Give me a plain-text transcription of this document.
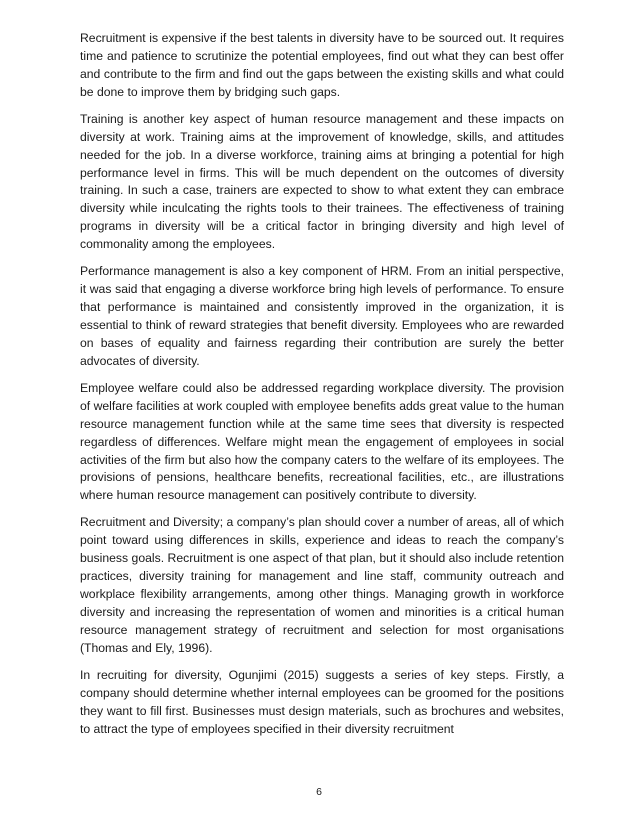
Recruitment is expensive if the best talents in diversity have to be sourced out. It requires time and patience to scrutinize the potential employees, find out what they can best offer and contribute to the firm and find out the gaps between the existing skills and what could be done to improve them by bridging such gaps.

Training is another key aspect of human resource management and these impacts on diversity at work. Training aims at the improvement of knowledge, skills, and attitudes needed for the job. In a diverse workforce, training aims at bringing a potential for high performance level in firms. This will be much dependent on the outcomes of diversity training. In such a case, trainers are expected to show to what extent they can embrace diversity while inculcating the rights tools to their trainees. The effectiveness of training programs in diversity will be a critical factor in bringing diversity and high level of commonality among the employees.

Performance management is also a key component of HRM. From an initial perspective, it was said that engaging a diverse workforce bring high levels of performance. To ensure that performance is maintained and consistently improved in the organization, it is essential to think of reward strategies that benefit diversity. Employees who are rewarded on bases of equality and fairness regarding their contribution are surely the better advocates of diversity.

Employee welfare could also be addressed regarding workplace diversity. The provision of welfare facilities at work coupled with employee benefits adds great value to the human resource management function while at the same time sees that diversity is respected regardless of differences. Welfare might mean the engagement of employees in social activities of the firm but also how the company caters to the welfare of its employees. The provisions of pensions, healthcare benefits, recreational facilities, etc., are illustrations where human resource management can positively contribute to diversity.

Recruitment and Diversity; a company’s plan should cover a number of areas, all of which point toward using differences in skills, experience and ideas to reach the company’s business goals. Recruitment is one aspect of that plan, but it should also include retention practices, diversity training for management and line staff, community outreach and workplace flexibility arrangements, among other things. Managing growth in workforce diversity and increasing the representation of women and minorities is a critical human resource management strategy of recruitment and selection for most organisations (Thomas and Ely, 1996).

In recruiting for diversity, Ogunjimi (2015) suggests a series of key steps. Firstly, a company should determine whether internal employees can be groomed for the positions they want to fill first. Businesses must design materials, such as brochures and websites, to attract the type of employees specified in their diversity recruitment

6
